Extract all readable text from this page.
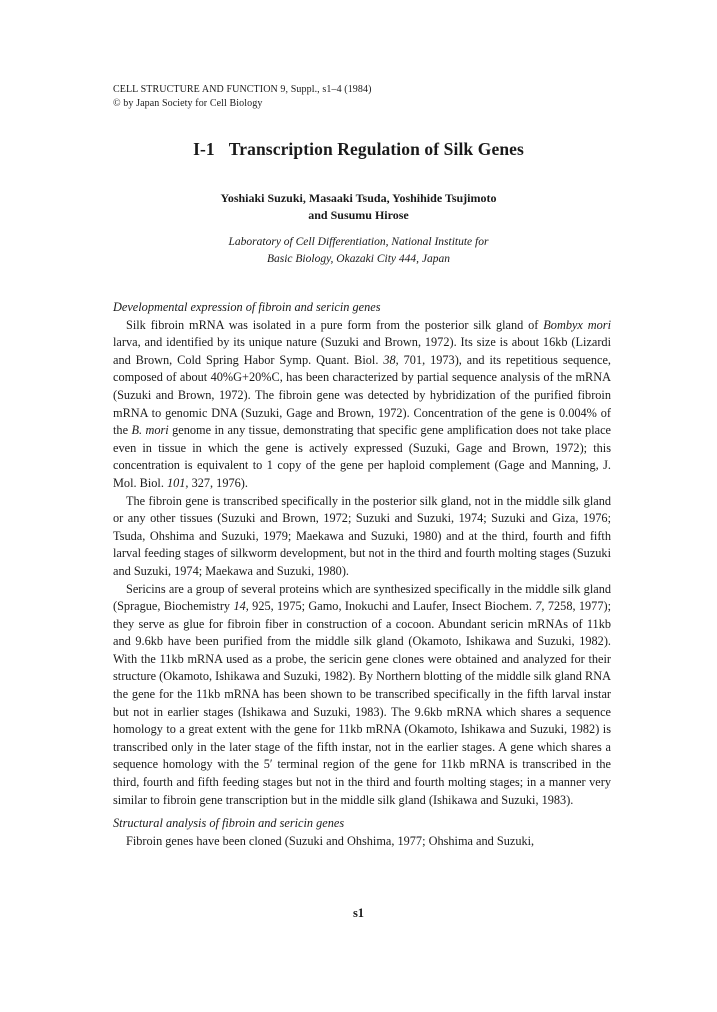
CELL STRUCTURE AND FUNCTION 9, Suppl., s1–4 (1984)
© by Japan Society for Cell Biology
I-1 Transcription Regulation of Silk Genes
Yoshiaki Suzuki, Masaaki Tsuda, Yoshihide Tsujimoto
and Susumu Hirose
Laboratory of Cell Differentiation, National Institute for
Basic Biology, Okazaki City 444, Japan

Developmental expression of fibroin and sericin genes

Silk fibroin mRNA was isolated in a pure form from the posterior silk gland of Bombyx mori larva, and identified by its unique nature (Suzuki and Brown, 1972). Its size is about 16kb (Lizardi and Brown, Cold Spring Habor Symp. Quant. Biol. 38, 701, 1973), and its repetitious sequence, composed of about 40%G+20%C, has been characterized by partial sequence analysis of the mRNA (Suzuki and Brown, 1972). The fibroin gene was detected by hybridization of the purified fibroin mRNA to genomic DNA (Suzuki, Gage and Brown, 1972). Concentration of the gene is 0.004% of the B. mori genome in any tissue, demonstrating that specific gene amplification does not take place even in tissue in which the gene is actively expressed (Suzuki, Gage and Brown, 1972); this concentration is equivalent to 1 copy of the gene per haploid complement (Gage and Manning, J. Mol. Biol. 101, 327, 1976).

The fibroin gene is transcribed specifically in the posterior silk gland, not in the middle silk gland or any other tissues (Suzuki and Brown, 1972; Suzuki and Suzuki, 1974; Suzuki and Giza, 1976; Tsuda, Ohshima and Suzuki, 1979; Maekawa and Suzuki, 1980) and at the third, fourth and fifth larval feeding stages of silkworm development, but not in the third and fourth molting stages (Suzuki and Suzuki, 1974; Maekawa and Suzuki, 1980).

Sericins are a group of several proteins which are synthesized specifically in the middle silk gland (Sprague, Biochemistry 14, 925, 1975; Gamo, Inokuchi and Laufer, Insect Biochem. 7, 7258, 1977); they serve as glue for fibroin fiber in construction of a cocoon. Abundant sericin mRNAs of 11kb and 9.6kb have been purified from the middle silk gland (Okamoto, Ishikawa and Suzuki, 1982). With the 11kb mRNA used as a probe, the sericin gene clones were obtained and analyzed for their structure (Okamoto, Ishikawa and Suzuki, 1982). By Northern blotting of the middle silk gland RNA the gene for the 11kb mRNA has been shown to be transcribed specifically in the fifth larval instar but not in earlier stages (Ishikawa and Suzuki, 1983). The 9.6kb mRNA which shares a sequence homology to a great extent with the gene for 11kb mRNA (Okamoto, Ishikawa and Suzuki, 1982) is transcribed only in the later stage of the fifth instar, not in the earlier stages. A gene which shares a sequence homology with the 5′ terminal region of the gene for 11kb mRNA is transcribed in the third, fourth and fifth feeding stages but not in the third and fourth molting stages; in a manner very similar to fibroin gene transcription but in the middle silk gland (Ishikawa and Suzuki, 1983).

Structural analysis of fibroin and sericin genes

Fibroin genes have been cloned (Suzuki and Ohshima, 1977; Ohshima and Suzuki,

s1
